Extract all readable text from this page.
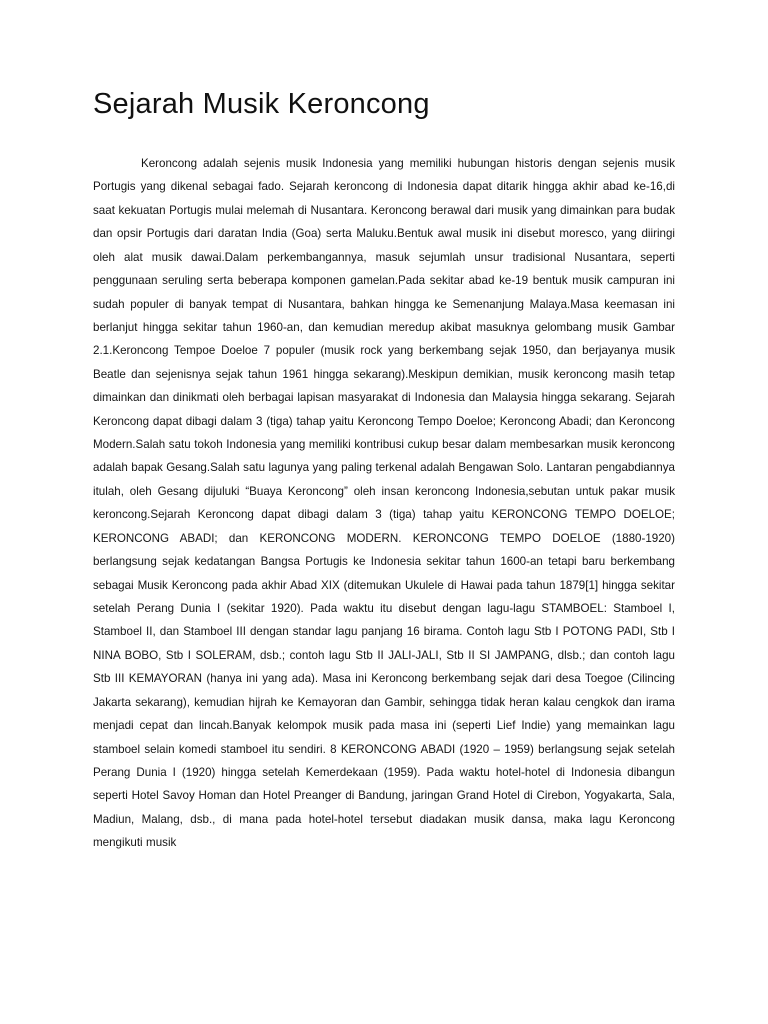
Sejarah Musik Keroncong

Keroncong adalah sejenis musik Indonesia yang memiliki hubungan historis dengan sejenis musik Portugis yang dikenal sebagai fado. Sejarah keroncong di Indonesia dapat ditarik hingga akhir abad ke-16,di saat kekuatan Portugis mulai melemah di Nusantara. Keroncong berawal dari musik yang dimainkan para budak dan opsir Portugis dari daratan India (Goa) serta Maluku.Bentuk awal musik ini disebut moresco, yang diiringi oleh alat musik dawai.Dalam perkembangannya, masuk sejumlah unsur tradisional Nusantara, seperti penggunaan seruling serta beberapa komponen gamelan.Pada sekitar abad ke-19 bentuk musik campuran ini sudah populer di banyak tempat di Nusantara, bahkan hingga ke Semenanjung Malaya.Masa keemasan ini berlanjut hingga sekitar tahun 1960-an, dan kemudian meredup akibat masuknya gelombang musik Gambar 2.1.Keroncong Tempoe Doeloe 7 populer (musik rock yang berkembang sejak 1950, dan berjayanya musik Beatle dan sejenisnya sejak tahun 1961 hingga sekarang).Meskipun demikian, musik keroncong masih tetap dimainkan dan dinikmati oleh berbagai lapisan masyarakat di Indonesia dan Malaysia hingga sekarang. Sejarah Keroncong dapat dibagi dalam 3 (tiga) tahap yaitu Keroncong Tempo Doeloe; Keroncong Abadi; dan Keroncong Modern.Salah satu tokoh Indonesia yang memiliki kontribusi cukup besar dalam membesarkan musik keroncong adalah bapak Gesang.Salah satu lagunya yang paling terkenal adalah Bengawan Solo. Lantaran pengabdiannya itulah, oleh Gesang dijuluki “Buaya Keroncong” oleh insan keroncong Indonesia,sebutan untuk pakar musik keroncong.Sejarah Keroncong dapat dibagi dalam 3 (tiga) tahap yaitu KERONCONG TEMPO DOELOE; KERONCONG ABADI; dan KERONCONG MODERN. KERONCONG TEMPO DOELOE (1880-1920) berlangsung sejak kedatangan Bangsa Portugis ke Indonesia sekitar tahun 1600-an tetapi baru berkembang sebagai Musik Keroncong pada akhir Abad XIX (ditemukan Ukulele di Hawai pada tahun 1879[1] hingga sekitar setelah Perang Dunia I (sekitar 1920). Pada waktu itu disebut dengan lagu-lagu STAMBOEL: Stamboel I, Stamboel II, dan Stamboel III dengan standar lagu panjang 16 birama. Contoh lagu Stb I POTONG PADI, Stb I NINA BOBO, Stb I SOLERAM, dsb.; contoh lagu Stb II JALI-JALI, Stb II SI JAMPANG, dlsb.; dan contoh lagu Stb III KEMAYORAN (hanya ini yang ada). Masa ini Keroncong berkembang sejak dari desa Toegoe (Cilincing Jakarta sekarang), kemudian hijrah ke Kemayoran dan Gambir, sehingga tidak heran kalau cengkok dan irama menjadi cepat dan lincah.Banyak kelompok musik pada masa ini (seperti Lief Indie) yang memainkan lagu stamboel selain komedi stamboel itu sendiri. 8 KERONCONG ABADI (1920 – 1959) berlangsung sejak setelah Perang Dunia I (1920) hingga setelah Kemerdekaan (1959). Pada waktu hotel-hotel di Indonesia dibangun seperti Hotel Savoy Homan dan Hotel Preanger di Bandung, jaringan Grand Hotel di Cirebon, Yogyakarta, Sala, Madiun, Malang, dsb., di mana pada hotel-hotel tersebut diadakan musik dansa, maka lagu Keroncong mengikuti musik
